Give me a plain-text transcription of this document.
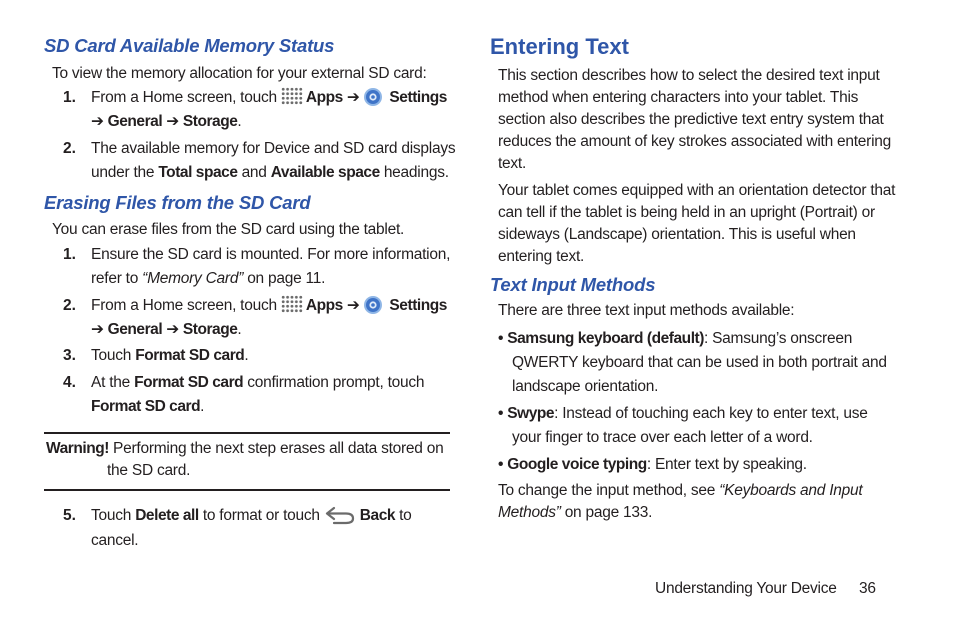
SD Card Available Memory Status
To view the memory allocation for your external SD card:
1. From a Home screen, touch Apps ➔ Settings
➔ General ➔ Storage.
2. The available memory for Device and SD card displays
under the Total space and Available space headings.
Erasing Files from the SD Card
You can erase files from the SD card using the tablet.
1. Ensure the SD card is mounted. For more information,
refer to “Memory Card” on page 11.
2. From a Home screen, touch Apps ➔ Settings
➔ General ➔ Storage.
3. Touch Format SD card.
4. At the Format SD card confirmation prompt, touch
Format SD card.
Warning! Performing the next step erases all data stored on
the SD card.
5. Touch Delete all to format or touch	Back to
cancel.
Entering Text
This section describes how to select the desired text input
method when entering characters into your tablet. This
section also describes the predictive text entry system that
reduces the amount of key strokes associated with entering
text.
Your tablet comes equipped with an orientation detector that
can tell if the tablet is being held in an upright (Portrait) or
sideways (Landscape) orientation. This is useful when
entering text.
Text Input Methods
There are three text input methods available:
• Samsung keyboard (default): Samsung’s onscreen
QWERTY keyboard that can be used in both portrait and
landscape orientation.
• Swype: Instead of touching each key to enter text, use
your finger to trace over each letter of a word.
• Google voice typing: Enter text by speaking.
To change the input method, see “Keyboards and Input
Methods” on page 133.
Understanding Your Device 36
